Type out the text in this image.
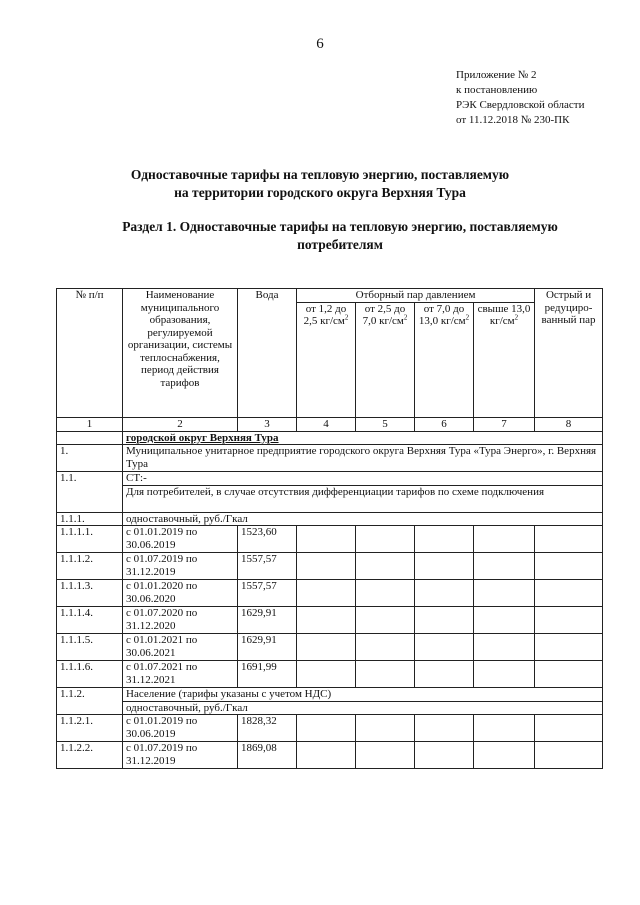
6
Приложение № 2
к постановлению
РЭК Свердловской области
от 11.12.2018 № 230-ПК
Одноставочные тарифы на тепловую энергию, поставляемую
на территории городского округа Верхняя Тура
Раздел 1. Одноставочные тарифы на тепловую энергию, поставляемую
потребителям
№ п/п	Наименование муниципального образования, регулируемой организации, системы теплоснабжения, период действия тарифов	Вода	Отборный пар давлением				Острый и редуциро-ванный пар
			от 1,2 до 2,5 $кг/см^2$	от 2,5 до 7,0 $кг/см^2$	от 7,0 до 13,0 $кг/см^2$	свыше 13,0 $кг/см^2$
1	2	3	4	5	6	7	8
	городской округ Верхняя Тура						
1.	Муниципальное унитарное предприятие городского округа Верхняя Тура «Тура Энерго», г. Верхняя Тура						
1.1.	СТ:-						
	Для потребителей, в случае отсутствия дифференциации тарифов по схеме подключения						
1.1.1.	одноставочный, руб./Гкал						
1.1.1.1.	с 01.01.2019 по 30.06.2019	1523,60					
1.1.1.2.	с 01.07.2019 по 31.12.2019	1557,57					
1.1.1.3.	с 01.01.2020 по 30.06.2020	1557,57					
1.1.1.4.	с 01.07.2020 по 31.12.2020	1629,91					
1.1.1.5.	с 01.01.2021 по 30.06.2021	1629,91					
1.1.1.6.	с 01.07.2021 по 31.12.2021	1691,99					
1.1.2.	Население (тарифы указаны с учетом НДС)						
	одноставочный, руб./Гкал						
1.1.2.1.	с 01.01.2019 по 30.06.2019	1828,32					
1.1.2.2.	с 01.07.2019 по 31.12.2019	1869,08					
